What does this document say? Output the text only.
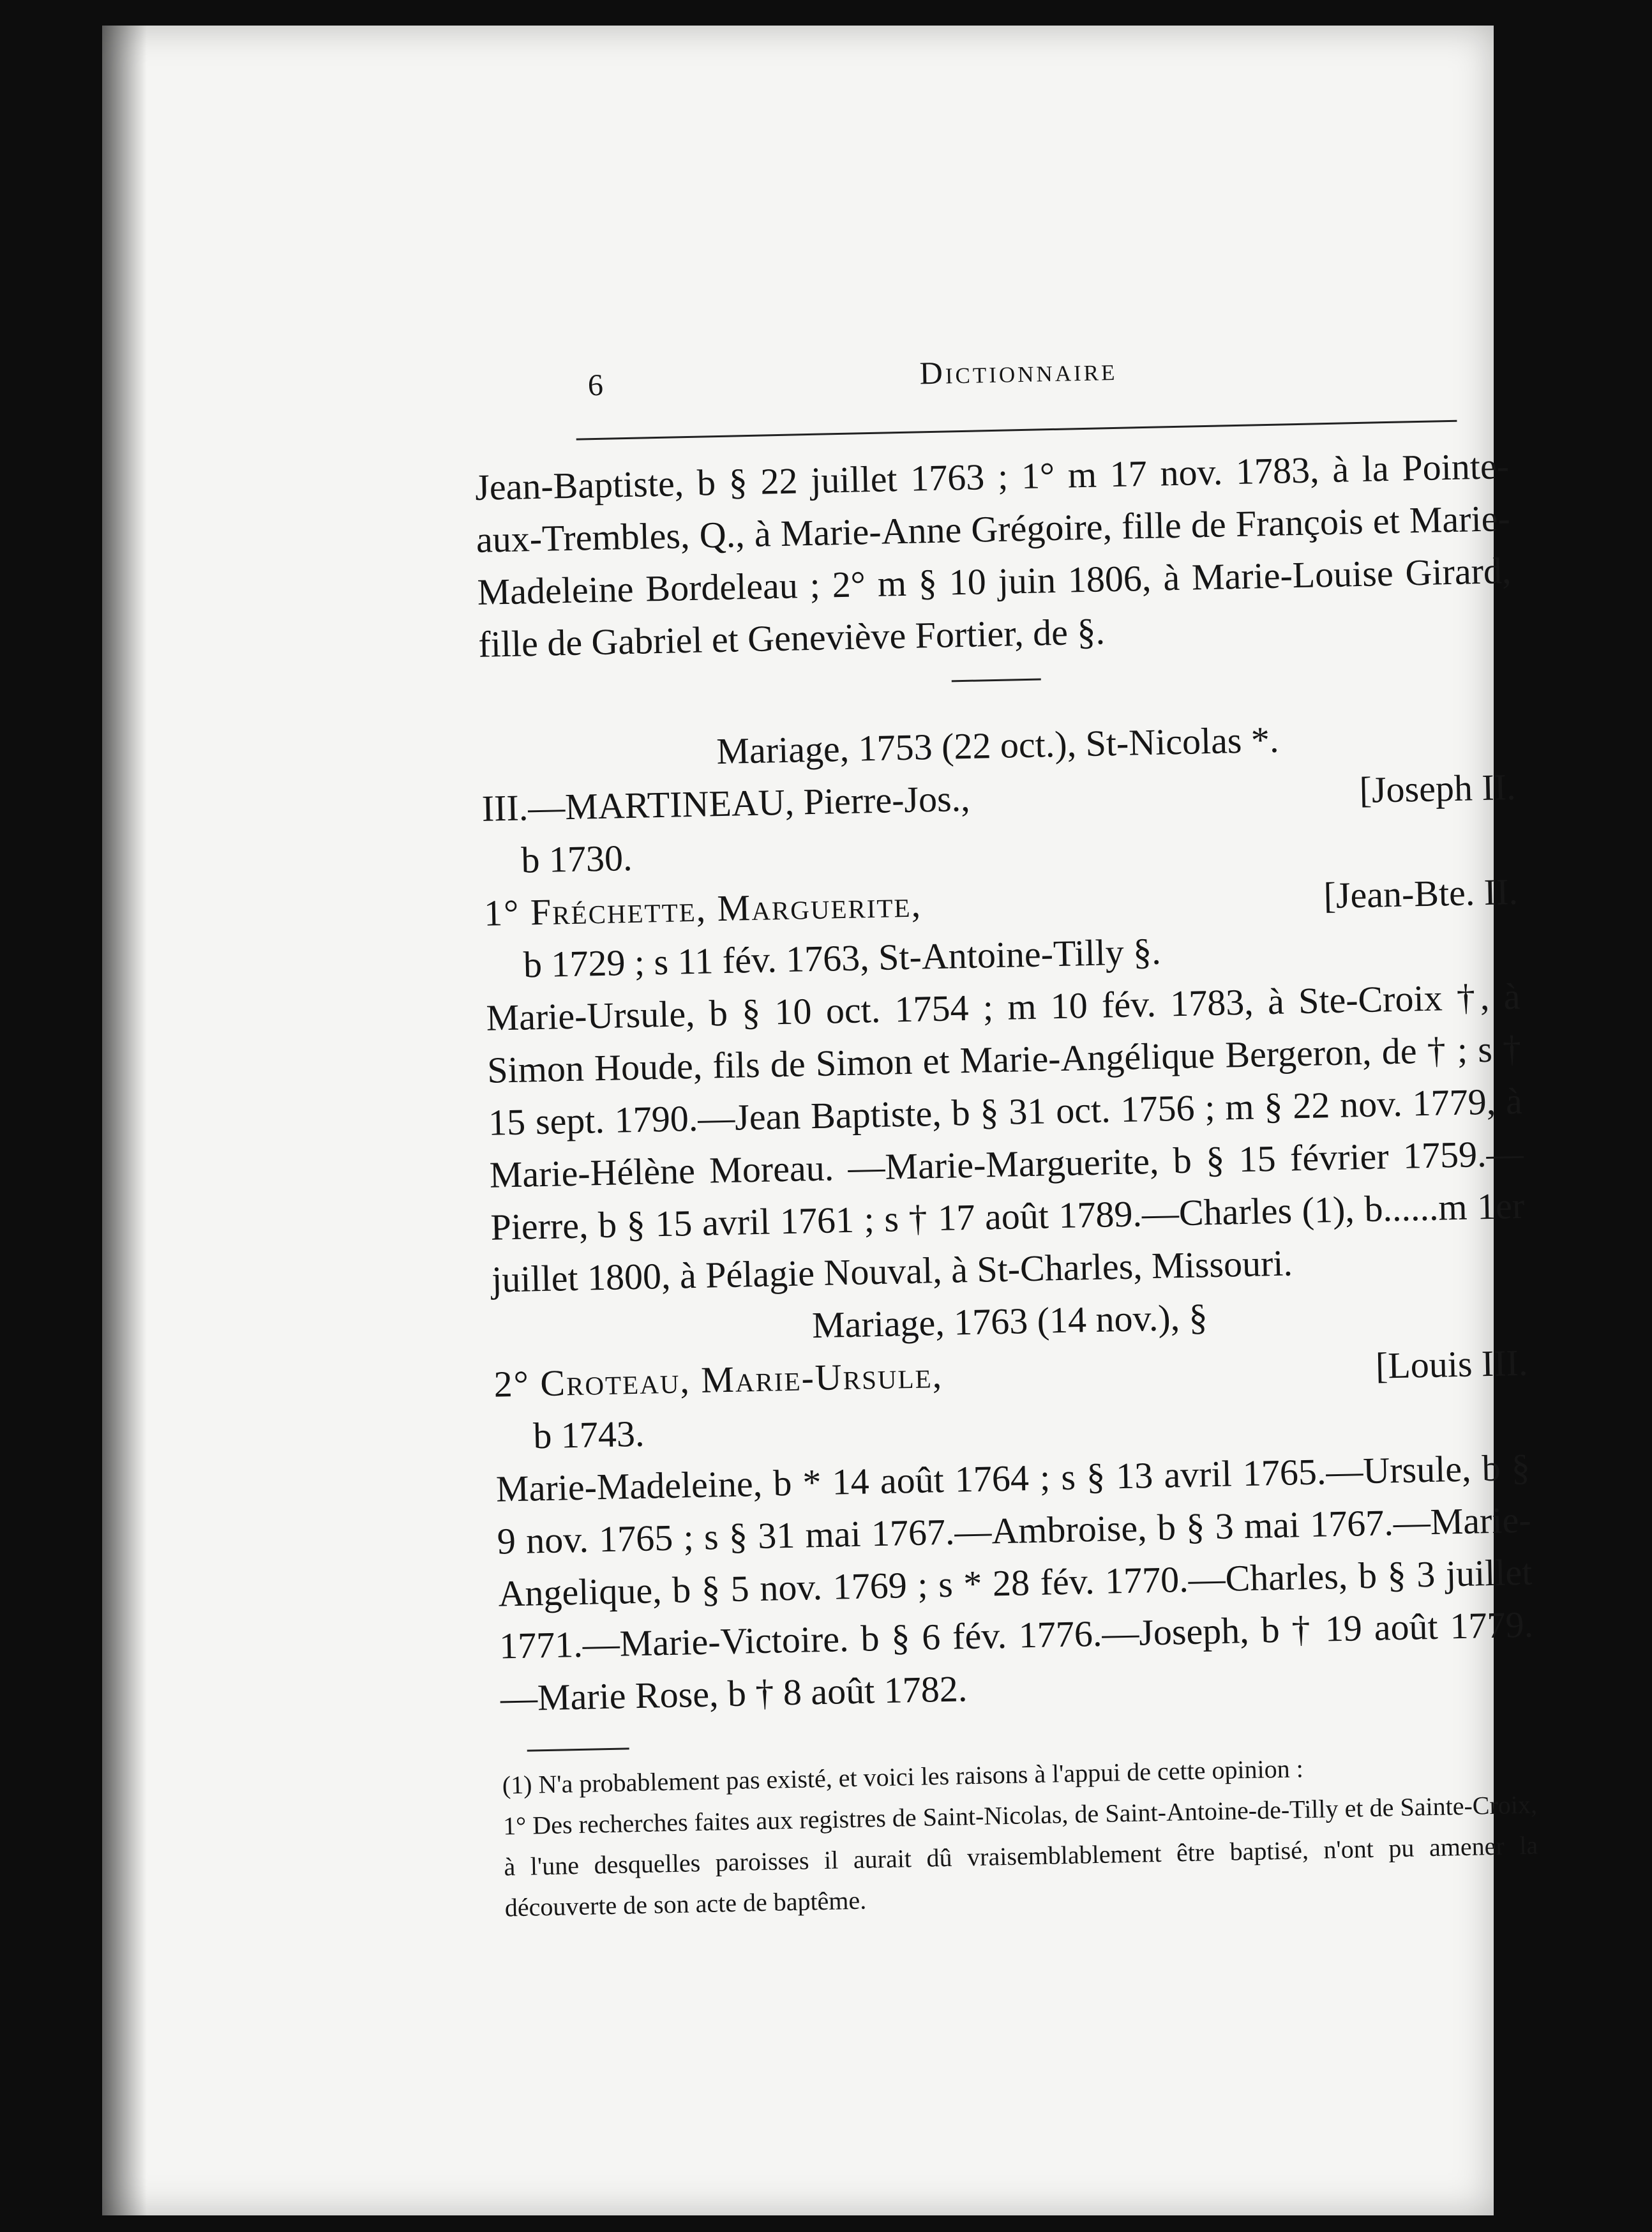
6	Dictionnaire

Jean-Baptiste, b § 22 juillet 1763 ; 1° m 17 nov. 1783, à la Pointe-aux-Trembles, Q., à Marie-Anne Grégoire, fille de François et Marie-Madeleine Bordeleau ; 2° m § 10 juin 1806, à Marie-Louise Girard, fille de Gabriel et Geneviève Fortier, de §.

Mariage, 1753 (22 oct.), St-Nicolas *.

III.—MARTINEAU, Pierre-Jos.,	[Joseph II.

b 1730.

1° Fréchette, Marguerite,	[Jean-Bte. II.

b 1729 ; s 11 fév. 1763, St-Antoine-Tilly §.

Marie-Ursule, b § 10 oct. 1754 ; m 10 fév. 1783, à Ste-Croix †, à Simon Houde, fils de Simon et Marie-Angélique Bergeron, de † ; s † 15 sept. 1790.—Jean Baptiste, b § 31 oct. 1756 ; m § 22 nov. 1779, à Marie-Hélène Moreau. —Marie-Marguerite, b § 15 février 1759.—Pierre, b § 15 avril 1761 ; s † 17 août 1789.—Charles (1), b......m 1er juillet 1800, à Pélagie Nouval, à St-Charles, Missouri.

Mariage, 1763 (14 nov.), §

2° Croteau, Marie-Ursule,	[Louis III.

b 1743.

Marie-Madeleine, b * 14 août 1764 ; s § 13 avril 1765.—Ursule, b § 9 nov. 1765 ; s § 31 mai 1767.—Ambroise, b § 3 mai 1767.—Marie-Angelique, b § 5 nov. 1769 ; s * 28 fév. 1770.—Charles, b § 3 juillet 1771.—Marie-Victoire. b § 6 fév. 1776.—Joseph, b † 19 août 1779.—Marie Rose, b † 8 août 1782.

(1) N'a probablement pas existé, et voici les raisons à l'appui de cette opinion :

1° Des recherches faites aux registres de Saint-Nicolas, de Saint-Antoine-de-Tilly et de Sainte-Croix, à l'une desquelles paroisses il aurait dû vraisemblablement être baptisé, n'ont pu amener la découverte de son acte de baptême.
